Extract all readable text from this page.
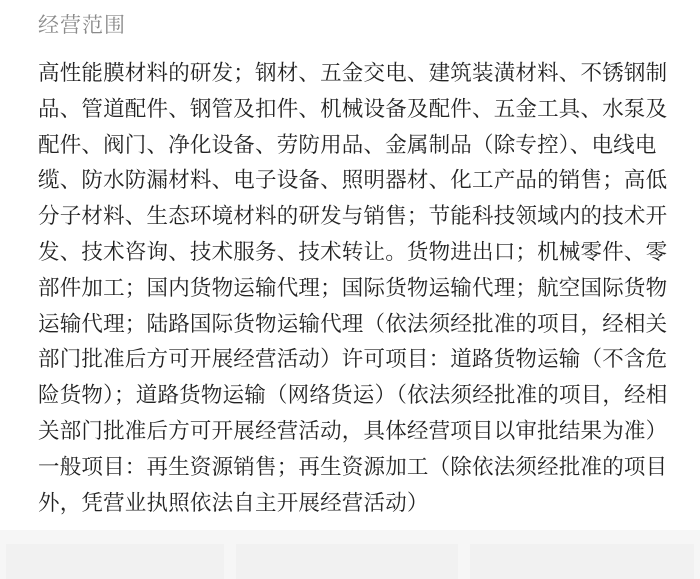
经营范围

高性能膜材料的研发；钢材、五金交电、建筑装潢材料、不锈钢制品、管道配件、钢管及扣件、机械设备及配件、五金工具、水泵及配件、阀门、净化设备、劳防用品、金属制品（除专控）、电线电缆、防水防漏材料、电子设备、照明器材、化工产品的销售；高低分子材料、生态环境材料的研发与销售；节能科技领域内的技术开发、技术咨询、技术服务、技术转让。货物进出口；机械零件、零部件加工；国内货物运输代理；国际货物运输代理；航空国际货物运输代理；陆路国际货物运输代理（依法须经批准的项目，经相关部门批准后方可开展经营活动）许可项目：道路货物运输（不含危险货物）；道路货物运输（网络货运）（依法须经批准的项目，经相关部门批准后方可开展经营活动，具体经营项目以审批结果为准）一般项目：再生资源销售；再生资源加工（除依法须经批准的项目外，凭营业执照依法自主开展经营活动）
